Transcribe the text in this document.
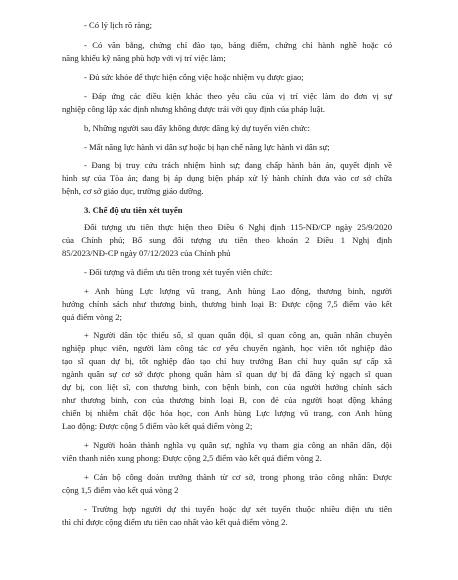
- Có lý lịch rõ ràng;
- Có văn bằng, chứng chỉ đào tạo, bảng điểm, chứng chỉ hành nghề hoặc có
năng khiếu kỹ năng phù hợp với vị trí việc làm;
- Đủ sức khỏe để thực hiện công việc hoặc nhiệm vụ được giao;
- Đáp ứng các điều kiện khác theo yêu cầu của vị trí việc làm do đơn vị sự
nghiệp công lập xác định nhưng không được trái với quy định của pháp luật.
b, Những người sau đây không được đăng ký dự tuyển viên chức:
- Mất năng lực hành vi dân sự hoặc bị hạn chế năng lực hành vi dân sự;
- Đang bị truy cứu trách nhiệm hình sự; đang chấp hành bản án, quyết định về
hình sự của Tòa án; đang bị áp dụng biện pháp xử lý hành chính đưa vào cơ sở chữa
bệnh, cơ sở giáo dục, trường giáo dưỡng.
3. Chế độ ưu tiên xét tuyển
Đối tượng ưu tiên thực hiện theo Điều 6 Nghị định 115-NĐ/CP ngày 25/9/2020
của Chính phủ; Bổ sung đối tượng ưu tiên theo khoản 2 Điều 1 Nghị định
85/2023/NĐ-CP ngày 07/12/2023 của Chính phủ
- Đối tượng và điểm ưu tiên trong xét tuyển viên chức:
+ Anh hùng Lực lượng vũ trang, Anh hùng Lao động, thương binh, người
hưởng chính sách như thương binh, thương binh loại B: Được cộng 7,5 điểm vào kết
quả điểm vòng 2;
+ Người dân tộc thiểu số, sĩ quan quân đội, sĩ quan công an, quân nhân chuyên
nghiệp phục viên, người làm công tác cơ yếu chuyển ngành, học viên tốt nghiệp đào
tạo sĩ quan dự bị, tốt nghiệp đào tạo chỉ huy trưởng Ban chỉ huy quân sự cấp xã
ngành quân sự cơ sở được phong quân hàm sĩ quan dự bị đã đăng ký ngạch sĩ quan
dự bị, con liệt sĩ, con thương binh, con bệnh binh, con của người hưởng chính sách
như thương binh, con của thương binh loại B, con đẻ của người hoạt động kháng
chiến bị nhiễm chất độc hóa học, con Anh hùng Lực lượng vũ trang, con Anh hùng
Lao động: Được cộng 5 điểm vào kết quả điểm vòng 2;
+ Người hoàn thành nghĩa vụ quân sự, nghĩa vụ tham gia công an nhân dân, đội
viên thanh niên xung phong: Được cộng 2,5 điểm vào kết quả điểm vòng 2.
+ Cán bộ công đoàn trưởng thành từ cơ sở, trong phong trào công nhân: Được
cộng 1,5 điểm vào kết quả vòng 2
- Trường hợp người dự thi tuyển hoặc dự xét tuyển thuộc nhiều diện ưu tiên
thì chỉ được cộng điểm ưu tiên cao nhất vào kết quả điểm vòng 2.
